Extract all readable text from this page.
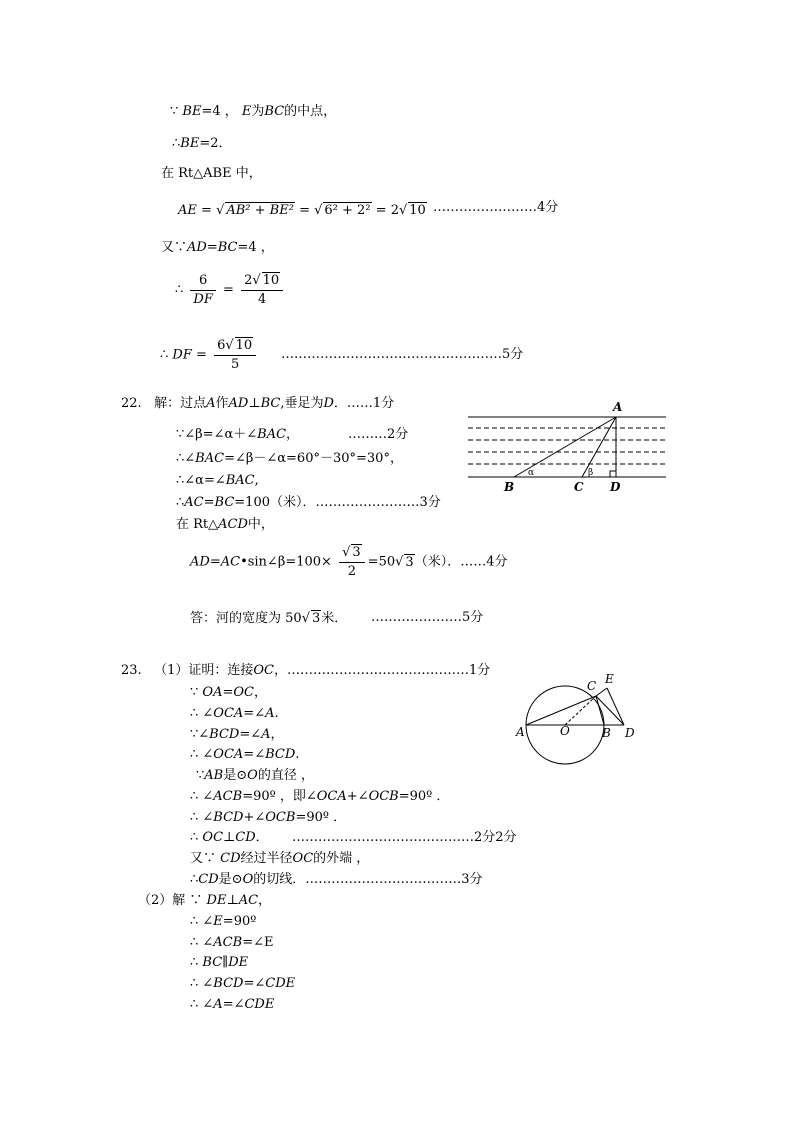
∵ BE=4 ， E为BC的中点，
∴BE=2．
在 Rt△ABE 中，
AE = √ AB² + BE² = √ 6² + 2² = 2√ 10 ……………………4分
又∵AD=BC=4 ，
∴ $\frac{6}{DF} = \frac{2√ 10}{4}$
∴ DF = $\frac{6√ 10}{5}$ ……………………………………………5分
22. 解：过点A作AD⊥BC,垂足为D．……1分
∵∠β=∠α＋∠BAC，	………2分
∴∠BAC=∠β－∠α=60°－30°=30°，
∴∠α=∠BAC,
∴AC=BC=100（米）．……………………3分
在 Rt△ACD中，
AD=AC•sin∠β=100× $\frac{√ 3}{2} =50√$ 3（米）．……4分
答：河的宽度为 50√ 3米． …………………5分
A
B	C D
α	β
23. （1）证明：连接OC，……………………………………1分
∵ OA=OC，
∴ ∠OCA=∠A.
∵∠BCD=∠A，
∴ ∠OCA=∠BCD.
∵AB是⊙O的直径 ，
∴ ∠ACB=90º ，即∠OCA+∠OCB=90º ．
∴ ∠BCD+∠OCB=90º ．
∴ OC⊥CD． ……………………………………2分2分
又∵ CD经过半径OC的外端 ，
∴CD是⊙O的切线．………………………………3分
（2）解 ∵ DE⊥AC，
∴ ∠E=90º
∴ ∠ACB=∠E
∴ BC∥DE
∴ ∠BCD=∠CDE
∴ ∠A=∠CDE
A	O	B D
C E
